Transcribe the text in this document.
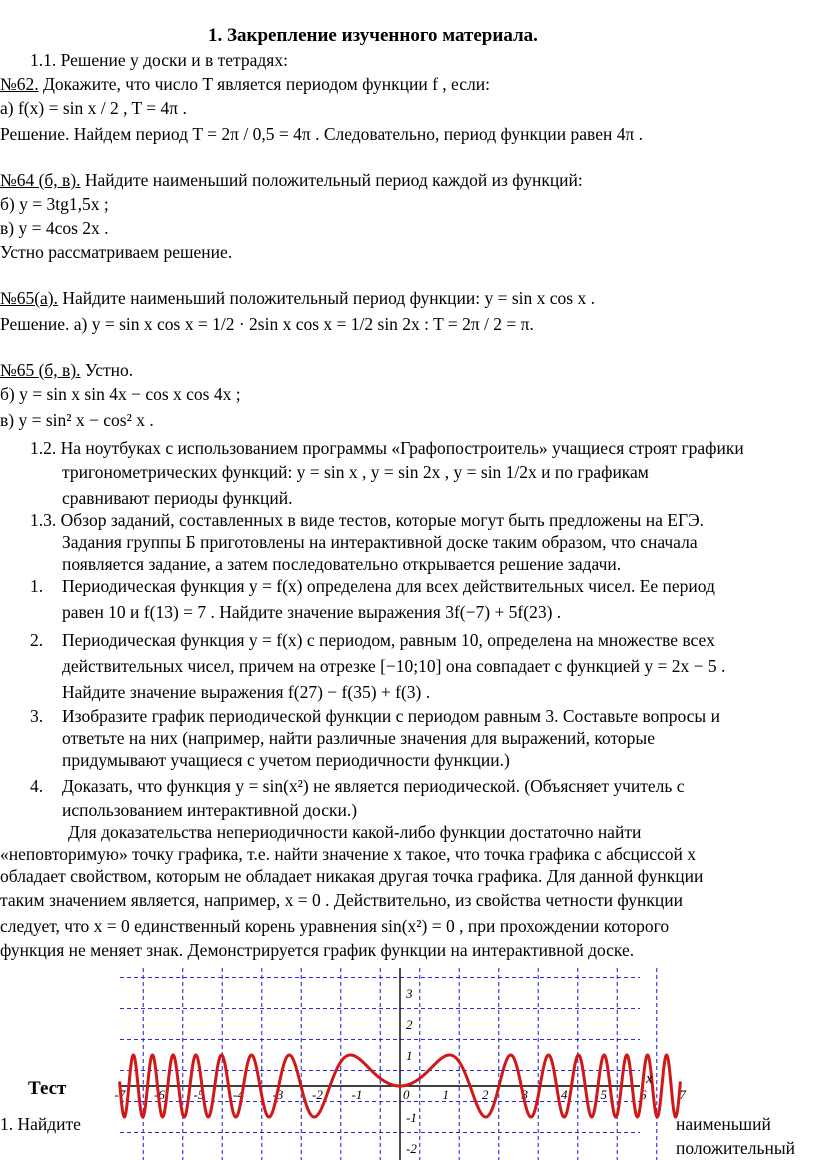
1. Закрепление изученного материала.
1.1. Решение у доски и в тетрадях:
№62. Докажите, что число T является периодом функции f , если:
а) f(x) = sin x / 2 , T = 4π .
Решение. Найдем период T = 2π / 0,5 = 4π . Следовательно, период функции равен 4π .
№64 (б, в). Найдите наименьший положительный период каждой из функций:
б) y = 3tg1,5x ;
в) y = 4cos 2x .
Устно рассматриваем решение.
№65(а). Найдите наименьший положительный период функции: y = sin x cos x .
Решение. а) y = sin x cos x = 1/2 · 2sin x cos x = 1/2 sin 2x : T = 2π / 2 = π.
№65 (б, в). Устно.
б) y = sin x sin 4x − cos x cos 4x ;
в) y = sin² x − cos² x .
1.2. На ноутбуках с использованием программы «Графопостроитель» учащиеся строят графики
тригонометрических функций: y = sin x , y = sin 2x , y = sin 1/2x и по графикам
сравнивают периоды функций.
1.3. Обзор заданий, составленных в виде тестов, которые могут быть предложены на ЕГЭ.
Задания группы Б приготовлены на интерактивной доске таким образом, что сначала
появляется задание, а затем последовательно открывается решение задачи.
1. Периодическая функция y = f(x) определена для всех действительных чисел. Ее период
равен 10 и f(13) = 7 . Найдите значение выражения 3f(−7) + 5f(23) .
2. Периодическая функция y = f(x) с периодом, равным 10, определена на множестве всех
действительных чисел, причем на отрезке [−10;10] она совпадает с функцией y = 2x − 5 .
Найдите значение выражения f(27) − f(35) + f(3) .
3. Изобразите график периодической функции с периодом равным 3. Составьте вопросы и
ответьте на них (например, найти различные значения для выражений, которые
придумывают учащиеся с учетом периодичности функции.)
4. Доказать, что функция y = sin(x²) не является периодической. (Объясняет учитель с
использованием интерактивной доски.)
Для доказательства непериодичности какой-либо функции достаточно найти
«неповторимую» точку графика, т.е. найти значение x такое, что точка графика с абсциссой x
обладает свойством, которым не обладает никакая другая точка графика. Для данной функции
таким значением является, например, x = 0 . Действительно, из свойства четности функции
следует, что x = 0 единственный корень уравнения sin(x²) = 0 , при прохождении которого
функция не меняет знак. Демонстрируется график функции на интерактивной доске.
-7 -6 -5 -4 -3 -2 -1	0	1	2	3	4	5	6	7
3
2
1
-1
-2
x
Тест
1. Найдите	наименьший
положительный
